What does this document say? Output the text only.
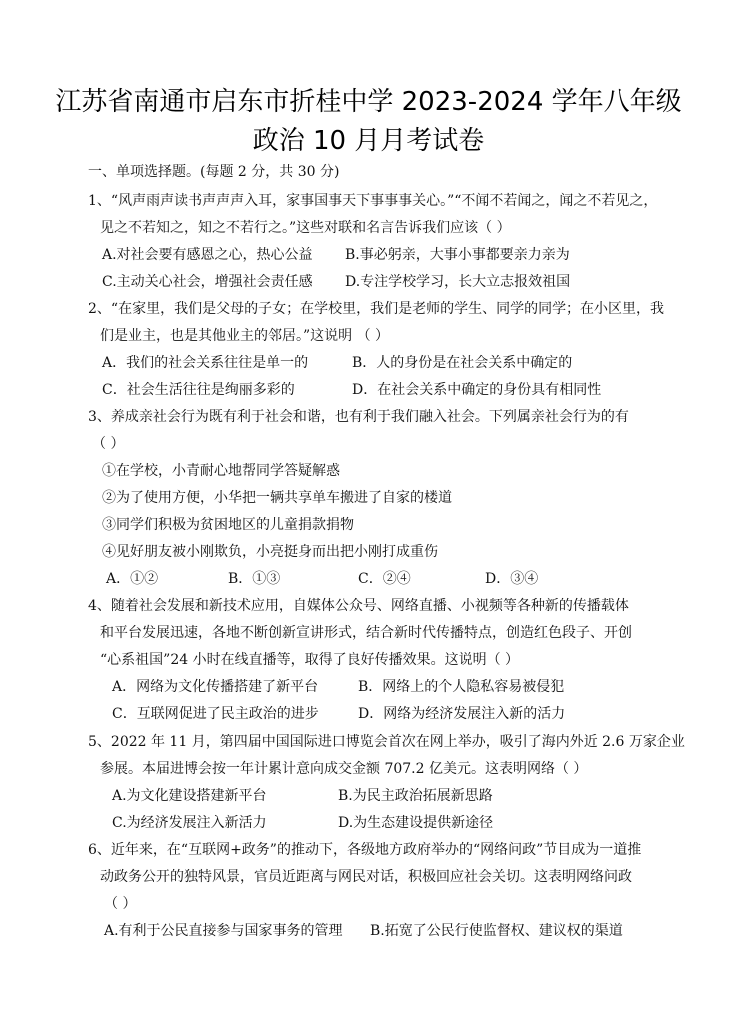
江苏省南通市启东市折桂中学 2023-2024 学年八年级
政治 10 月月考试卷
一、单项选择题。(每题 2 分，共 30 分)
1、“风声雨声读书声声声入耳，家事国事天下事事事关心。”“不闻不若闻之，闻之不若见之，
见之不若知之，知之不若行之。”这些对联和名言告诉我们应该（ ）
A.对社会要有感恩之心，热心公益 B.事必躬亲，大事小事都要亲力亲为
C.主动关心社会，增强社会责任感 D.专注学校学习，长大立志报效祖国
2、“在家里，我们是父母的子女；在学校里，我们是老师的学生、同学的同学；在小区里，我
们是业主，也是其他业主的邻居。”这说明 （ ）
A．我们的社会关系往往是单一的	B．人的身份是在社会关系中确定的
C．社会生活往往是绚丽多彩的	D．在社会关系中确定的身份具有相同性
3、养成亲社会行为既有利于社会和谐，也有利于我们融入社会。下列属亲社会行为的有
（ ）
①在学校，小青耐心地帮同学答疑解惑
②为了使用方便，小华把一辆共享单车搬进了自家的楼道
③同学们积极为贫困地区的儿童捐款捐物
④见好朋友被小刚欺负，小亮挺身而出把小刚打成重伤
A．①②	B．①③	C．②④	D．③④
4、随着社会发展和新技术应用，自媒体公众号、网络直播、小视频等各种新的传播载体
和平台发展迅速，各地不断创新宣讲形式，结合新时代传播特点，创造红色段子、开创
“心系祖国”24 小时在线直播等，取得了良好传播效果。这说明（ ）
A．网络为文化传播搭建了新平台	B．网络上的个人隐私容易被侵犯
C．互联网促进了民主政治的进步	D．网络为经济发展注入新的活力
5、2022 年 11 月，第四届中国国际进口博览会首次在网上举办，吸引了海内外近 2.6 万家企业
参展。本届进博会按一年计累计意向成交金额 707.2 亿美元。这表明网络（ ）
A.为文化建设搭建新平台	B.为民主政治拓展新思路
C.为经济发展注入新活力	D.为生态建设提供新途径
6、近年来，在“互联网+政务”的推动下，各级地方政府举办的“网络问政”节目成为一道推
动政务公开的独特风景，官员近距离与网民对话，积极回应社会关切。这表明网络问政
（ ）
A.有利于公民直接参与国家事务的管理 B.拓宽了公民行使监督权、建议权的渠道
